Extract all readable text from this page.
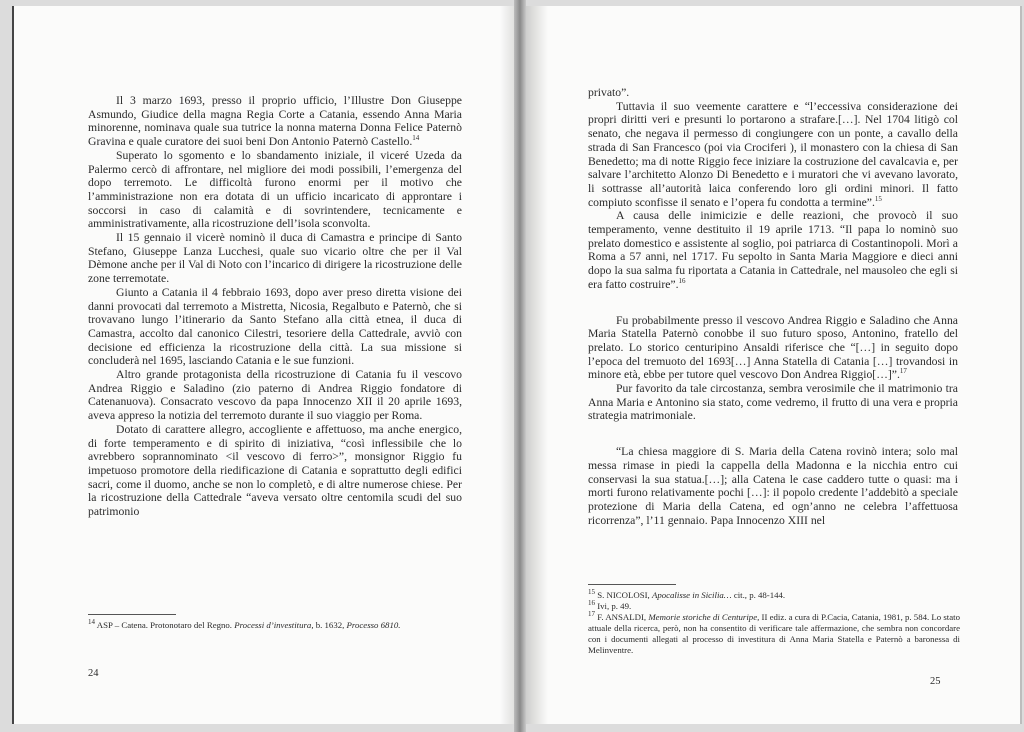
Il 3 marzo 1693, presso il proprio ufficio, l’Illustre Don Giuseppe Asmundo, Giudice della magna Regia Corte a Catania, essendo Anna Maria minorenne, nominava quale sua tutrice la nonna materna Donna Felice Paternò Gravina e quale curatore dei suoi beni Don Antonio Paternò Castello.$^{14}$

Superato lo sgomento e lo sbandamento iniziale, il viceré Uzeda da Palermo cercò di affrontare, nel migliore dei modi possibili, l’emergenza del dopo terremoto. Le difficoltà furono enormi per il motivo che l’amministrazione non era dotata di un ufficio incaricato di approntare i soccorsi in caso di calamità e di sovrintendere, tecnicamente e amministrativamente, alla ricostruzione dell’isola sconvolta.

Il 15 gennaio il vicerè nominò il duca di Camastra e principe di Santo Stefano, Giuseppe Lanza Lucchesi, quale suo vicario oltre che per il Val Dèmone anche per il Val di Noto con l’incarico di dirigere la ricostruzione delle zone terremotate.

Giunto a Catania il 4 febbraio 1693, dopo aver preso diretta visione dei danni provocati dal terremoto a Mistretta, Nicosia, Regalbuto e Paternò, che si trovavano lungo l’itinerario da Santo Stefano alla città etnea, il duca di Camastra, accolto dal canonico Cilestri, tesoriere della Cattedrale, avviò con decisione ed efficienza la ricostruzione della città. La sua missione si concluderà nel 1695, lasciando Catania e le sue funzioni.

Altro grande protagonista della ricostruzione di Catania fu il vescovo Andrea Riggio e Saladino (zio paterno di Andrea Riggio fondatore di Catenanuova). Consacrato vescovo da papa Innocenzo XII il 20 aprile 1693, aveva appreso la notizia del terremoto durante il suo viaggio per Roma.

Dotato di carattere allegro, accogliente e affettuoso, ma anche energico, di forte temperamento e di spirito di iniziativa, “così inflessibile che lo avrebbero soprannominato <il vescovo di ferro>”, monsignor Riggio fu impetuoso promotore della riedificazione di Catania e soprattutto degli edifici sacri, come il duomo, anche se non lo completò, e di altre numerose chiese. Per la ricostruzione della Cattedrale “aveva versato oltre centomila scudi del suo patrimonio

$^{14}$ ASP – Catena. Protonotaro del Regno. Processi d’investitura, b. 1632, Processo 6810.
24

privato”.

Tuttavia il suo veemente carattere e “l’eccessiva considerazione dei propri diritti veri e presunti lo portarono a strafare.[…]. Nel 1704 litigò col senato, che negava il permesso di congiungere con un ponte, a cavallo della strada di San Francesco (poi via Crociferi ), il monastero con la chiesa di San Benedetto; ma di notte Riggio fece iniziare la costruzione del cavalcavia e, per salvare l’architetto Alonzo Di Benedetto e i muratori che vi avevano lavorato, li sottrasse all’autorità laica conferendo loro gli ordini minori. Il fatto compiuto sconfisse il senato e l’opera fu condotta a termine”.$^{15}$

A causa delle inimicizie e delle reazioni, che provocò il suo temperamento, venne destituito il 19 aprile 1713. “Il papa lo nominò suo prelato domestico e assistente al soglio, poi patriarca di Costantinopoli. Morì a Roma a 57 anni, nel 1717. Fu sepolto in Santa Maria Maggiore e dieci anni dopo la sua salma fu riportata a Catania in Cattedrale, nel mausoleo che egli si era fatto costruire”.$^{16}$

Fu probabilmente presso il vescovo Andrea Riggio e Saladino che Anna Maria Statella Paternò conobbe il suo futuro sposo, Antonino, fratello del prelato. Lo storico centuripino Ansaldi riferisce che “[…] in seguito dopo l’epoca del tremuoto del 1693[…] Anna Statella di Catania […] trovandosi in minore età, ebbe per tutore quel vescovo Don Andrea Riggio[…]”.$^{17}$

Pur favorito da tale circostanza, sembra verosimile che il matrimonio tra Anna Maria e Antonino sia stato, come vedremo, il frutto di una vera e propria strategia matrimoniale.

“La chiesa maggiore di S. Maria della Catena rovinò intera; solo mal messa rimase in piedi la cappella della Madonna e la nicchia entro cui conservasi la sua statua.[…]; alla Catena le case caddero tutte o quasi: ma i morti furono relativamente pochi […]: il popolo credente l’addebitò a speciale protezione di Maria della Catena, ed ogn’anno ne celebra l’affettuosa ricorrenza”, l’11 gennaio. Papa Innocenzo XIII nel

$^{15}$ S. NICOLOSI, Apocalisse in Sicilia… cit., p. 48-144.
$^{16}$ Ivi, p. 49.
$^{17}$ F. ANSALDI, Memorie storiche di Centuripe, II ediz. a cura di P.Cacia, Catania, 1981, p. 584. Lo stato attuale della ricerca, però, non ha consentito di verificare tale affermazione, che sembra non concordare con i documenti allegati al processo di investitura di Anna Maria Statella e Paternò a baronessa di Melinventre.
25
